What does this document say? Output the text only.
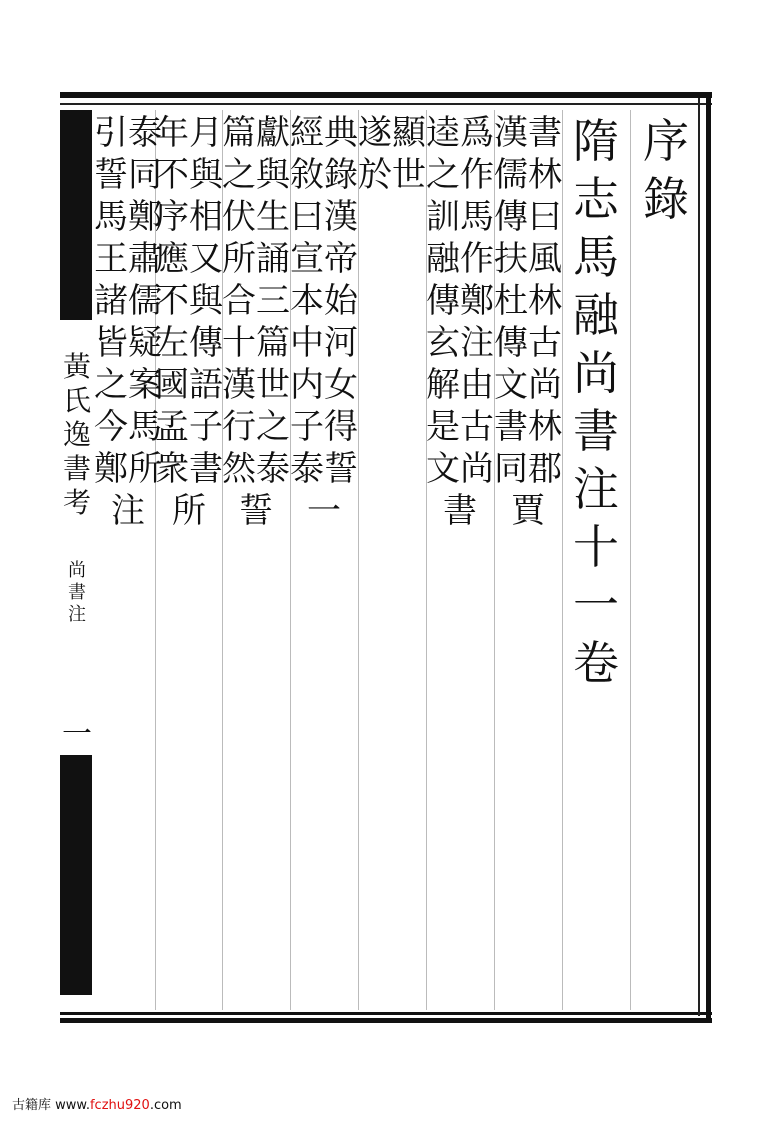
序錄
隋志馬融尚書注十一卷
漢書儒林傳曰扶風杜林傳古文尚書林同郡賈
逵爲之作訓馬融作傳鄭玄注解由是古文尚書
遂顯於世
經典敘錄曰漢宣帝本始中河内女子得泰誓一
篇獻之與伏生所誦合三十篇漢世行之然泰誓
年月不與序相應又不與左傳國語孟子衆書所
引泰誓同馬鄭王肅諸儒皆疑之案今馬鄭所注
黃氏逸書考
尚書注
一
古籍库 www.fczhu920.com
